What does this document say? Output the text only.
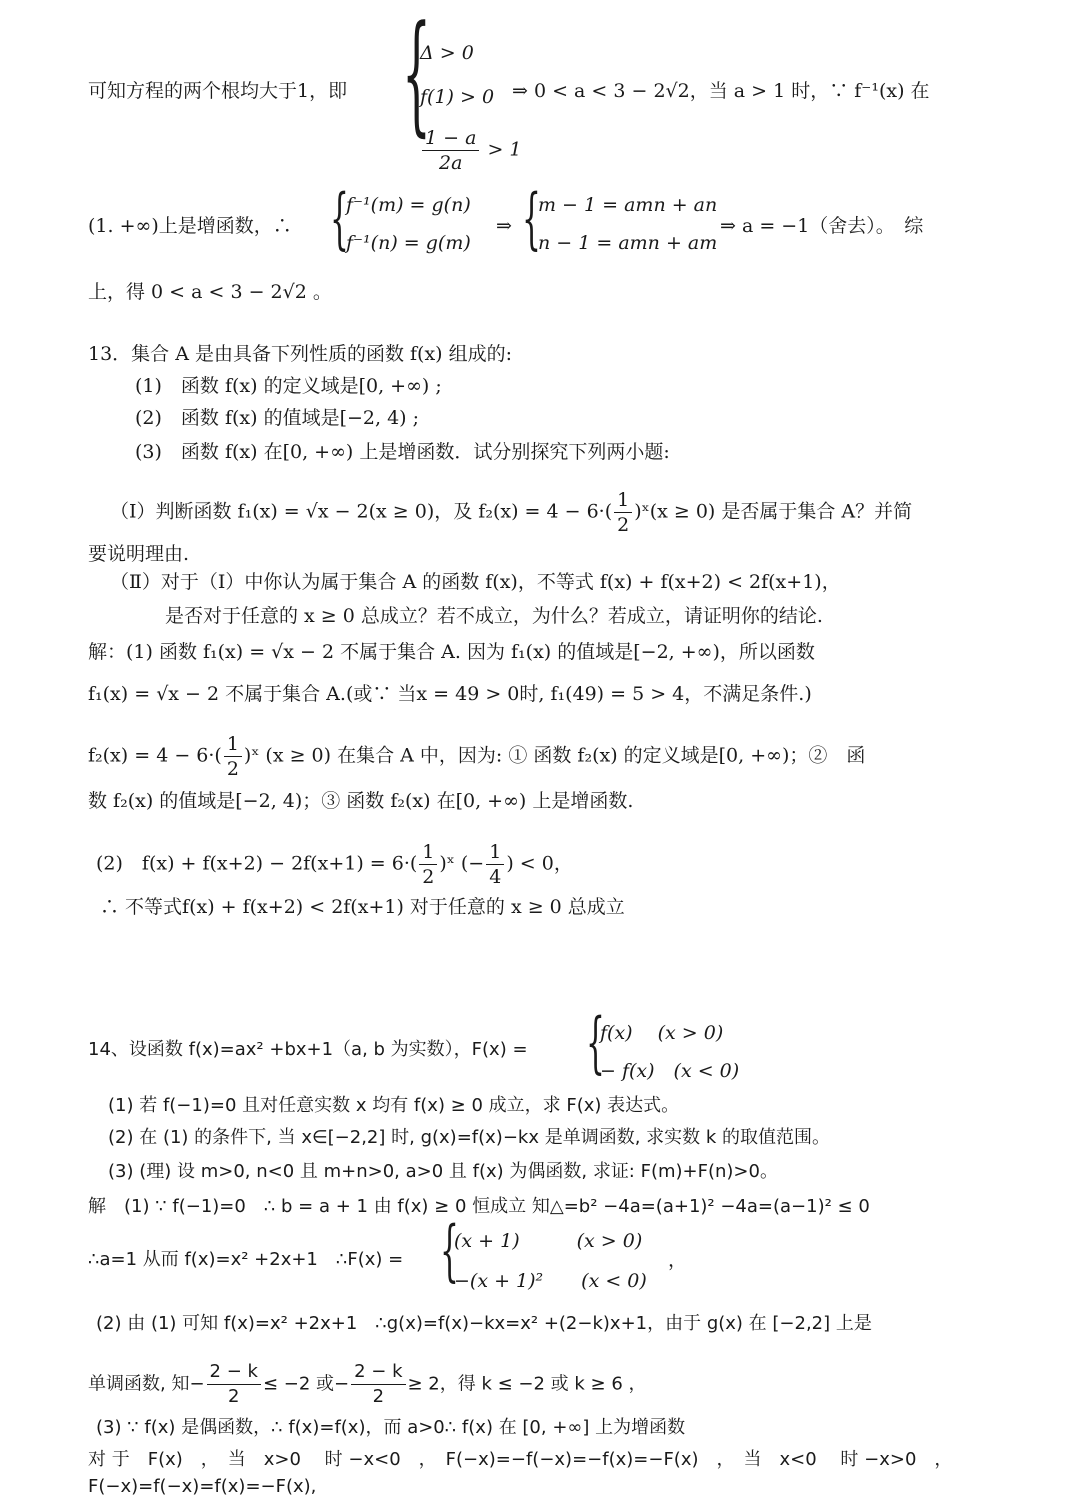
可知方程的两个根均大于1，即 {
Δ > 0
f(1) > 0
$\frac{1 - a}{2a} > 1$
⇒ 0 < a < 3 − 2√2，当 a > 1 时，∵ f⁻¹(x) 在
(1. +∞)上是增函数，∴ {
f⁻¹(m) = g(n)
f⁻¹(n) = g(m)
⇒ {
m − 1 = amn + an
n − 1 = amn + am
⇒ a = −1（舍去）。　综
上，得 0 < a < 3 − 2√2 。
13．集合 A 是由具备下列性质的函数 f(x) 组成的:
(1)　函数 f(x) 的定义域是[0, +∞) ;
(2)　函数 f(x) 的值域是[−2, 4) ;
(3)　函数 f(x) 在[0, +∞) 上是增函数．试分别探究下列两小题:
（Ⅰ）判断函数 f₁(x) = √x − 2(x ≥ 0)，及 $f_2(x) = 4 - 6\cdot( \frac{1}{2}$ )ˣ(x ≥ 0) 是否属于集合 A？并简
要说明理由.
（Ⅱ）对于（Ⅰ）中你认为属于集合 A 的函数 f(x)，不等式 f(x) + f(x+2) < 2f(x+1)，
是否对于任意的 x ≥ 0 总成立？若不成立，为什么？若成立，请证明你的结论.
解：(1) 函数 f₁(x) = √x − 2 不属于集合 A. 因为 f₁(x) 的值域是[−2, +∞)，所以函数
f₁(x) = √x − 2 不属于集合 A.(或∵ 当x = 49 > 0时, f₁(49) = 5 > 4，不满足条件.)
$f_2(x) = 4 - 6\cdot( \frac{1}{2}$ )ˣ (x ≥ 0) 在集合 A 中，因为: ① 函数 f₂(x) 的定义域是[0, +∞)；②　函
数 f₂(x) 的值域是[−2, 4)；③ 函数 f₂(x) 在[0, +∞) 上是增函数.
(2)　$f(x) + f(x+2) - 2f(x+1) = 6\cdot( \frac{1}{2}$ )ˣ (− $\frac{1}{4}$ ) < 0，
∴ 不等式f(x) + f(x+2) < 2f(x+1) 对于任意的 x ≥ 0 总成立
14、设函数 f(x)=ax² +bx+1（a, b 为实数），F(x) = {
f(x)　 (x > 0)
− f(x)　(x < 0)
(1) 若 f(−1)=0 且对任意实数 x 均有 f(x) ≥ 0 成立，求 F(x) 表达式。
(2) 在 (1) 的条件下, 当 x∈[−2,2] 时, g(x)=f(x)−kx 是单调函数, 求实数 k 的取值范围。
(3) (理) 设 m>0, n<0 且 m+n>0, a>0 且 f(x) 为偶函数, 求证: F(m)+F(n)>0。
解　(1) ∵ f(−1)=0　∴ b = a + 1 由 f(x) ≥ 0 恒成立 知△=b² −4a=(a+1)² −4a=(a−1)² ≤ 0
∴a=1 从而 f(x)=x² +2x+1　∴F(x) = {
(x + 1)　　　(x > 0)
−(x + 1)²　　(x < 0)
，
(2) 由 (1) 可知 f(x)=x² +2x+1　∴g(x)=f(x)−kx=x² +(2−k)x+1，由于 g(x) 在 [−2,2] 上是
单调函数, 知− $\frac{2 - k}{2} \le -2$ 或− $\frac{2 - k}{2} \ge 2$，得 k ≤ −2 或 k ≥ 6 ，
(3) ∵ f(x) 是偶函数，∴ f(x)=f(x)，而 a>0∴ f(x) 在 [0, +∞] 上为增函数
对 于　F(x)　，　当　x>0　 时 −x<0　，　F(−x)=−f(−x)=−f(x)=−F(x)　，　当　x<0　 时 −x>0　，
F(−x)=f(−x)=f(x)=−F(x),
